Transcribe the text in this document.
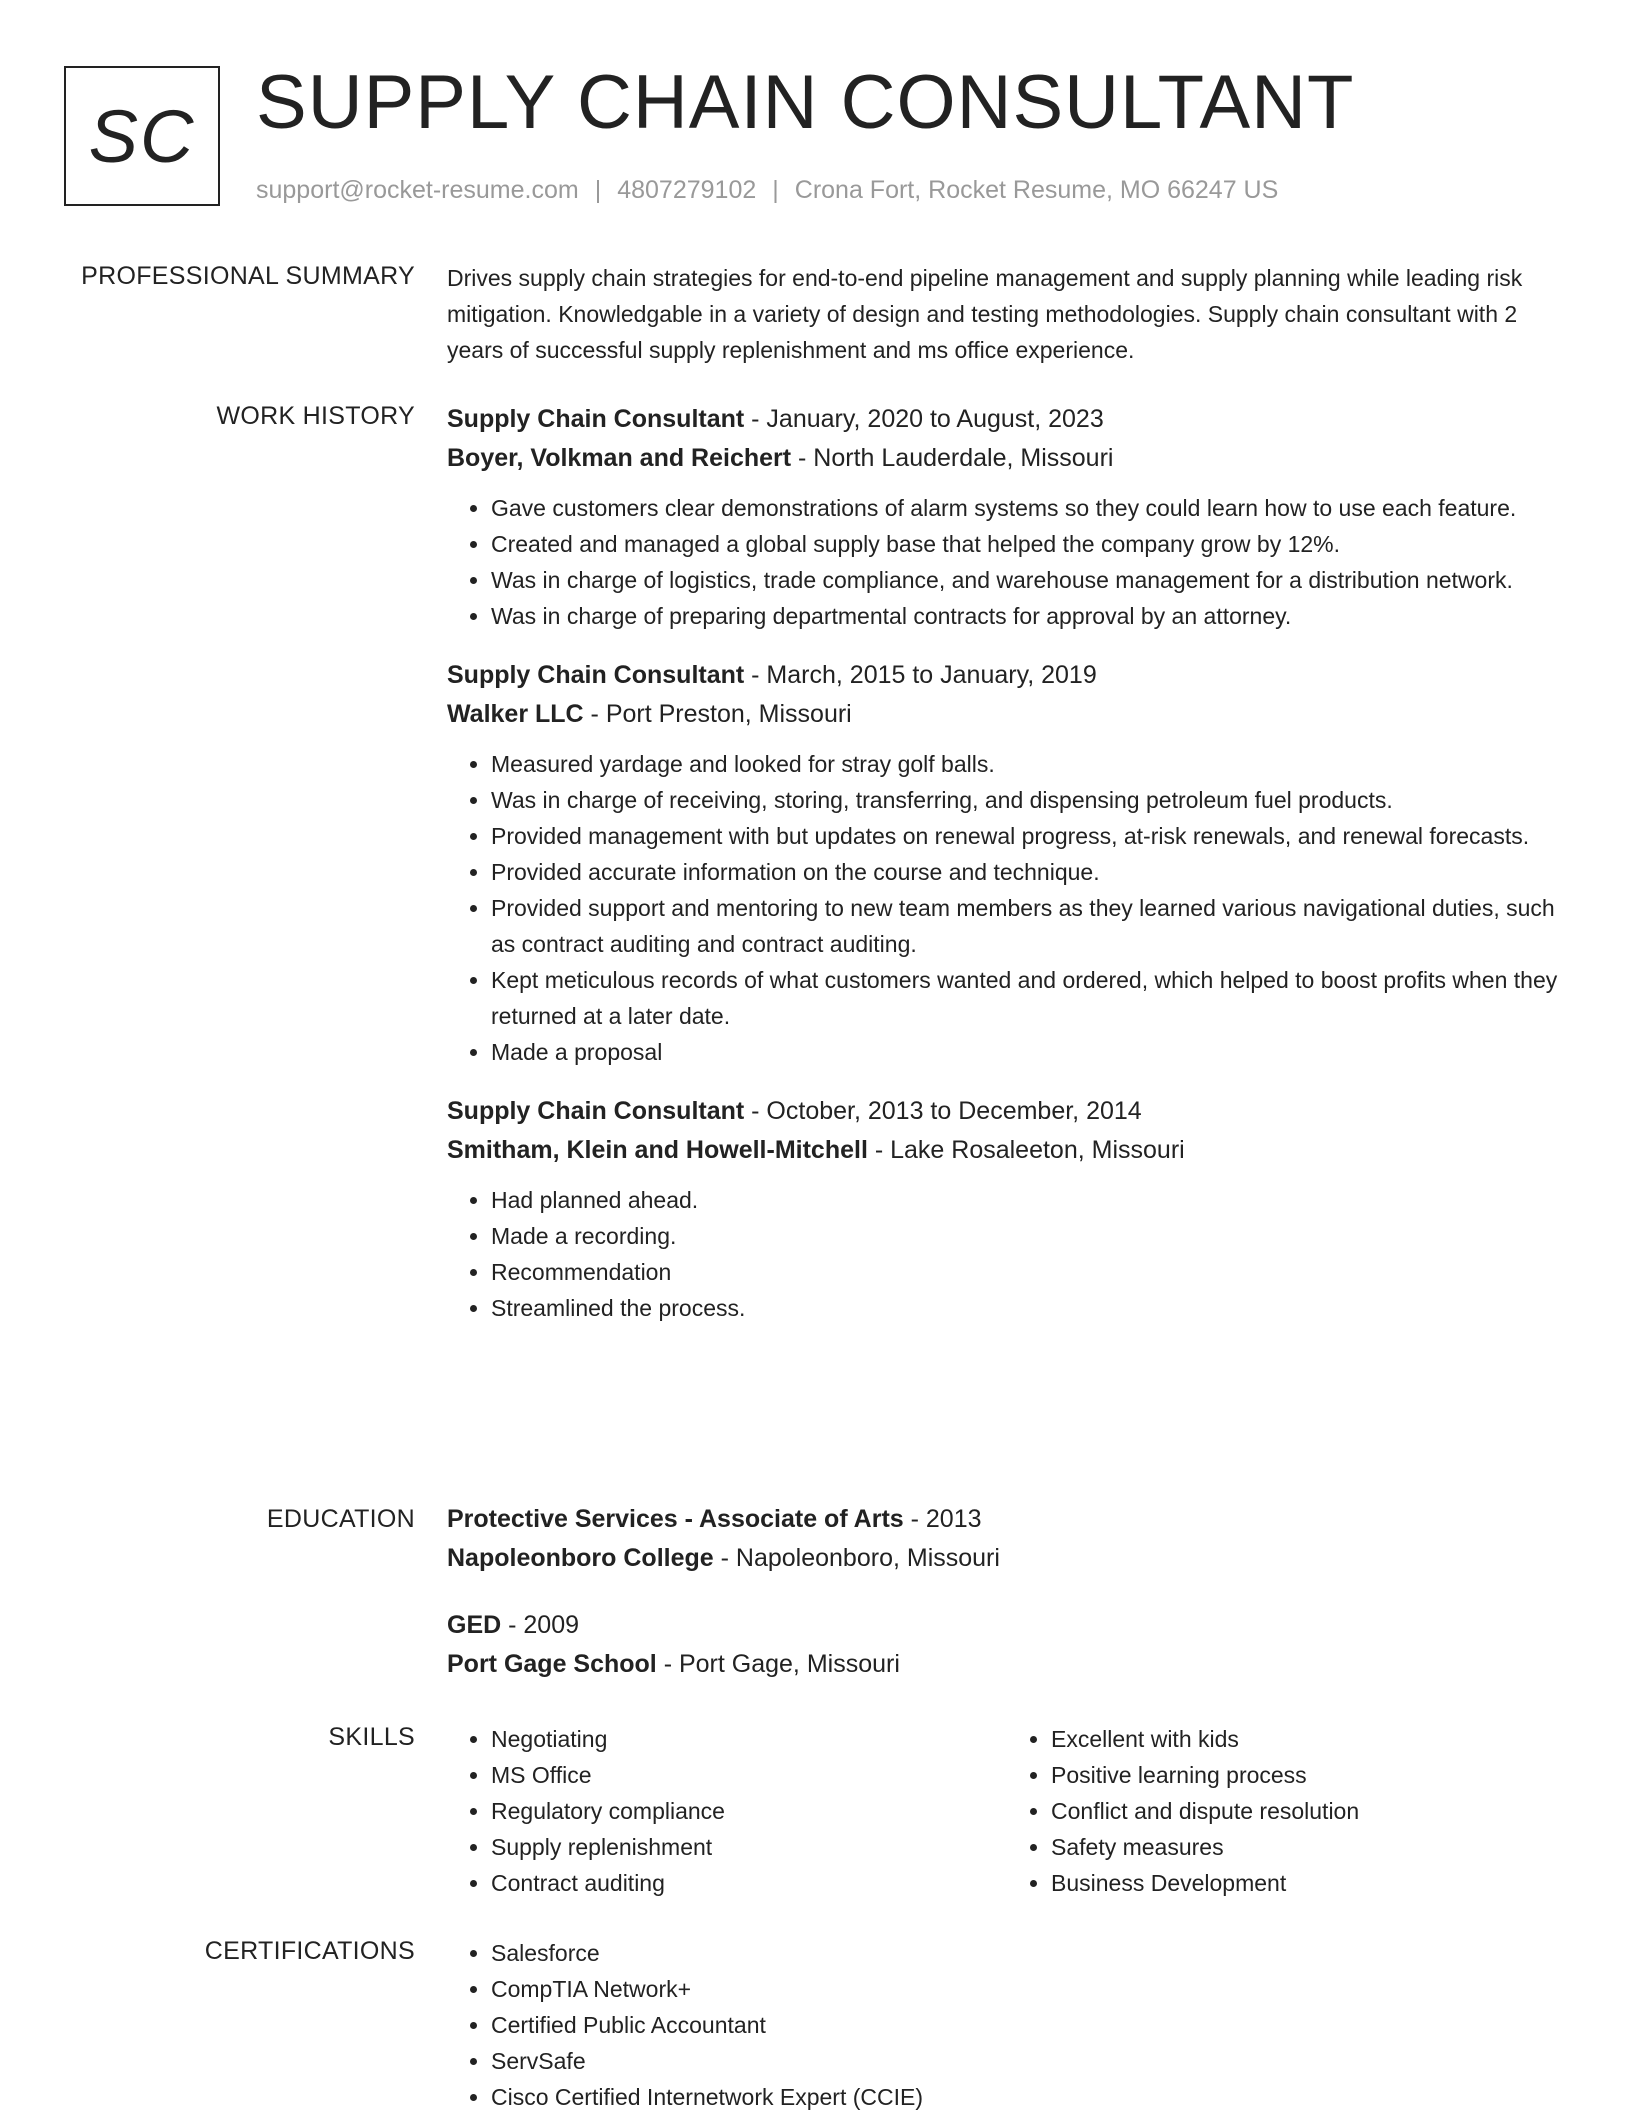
SC SUPPLY CHAIN CONSULTANT
support@rocket-resume.com | 4807279102 | Crona Fort, Rocket Resume, MO 66247 US
PROFESSIONAL SUMMARY Drives supply chain strategies for end-to-end pipeline management and supply planning while leading risk mitigation. Knowledgable in a variety of design and testing methodologies. Supply chain consultant with 2 years of successful supply replenishment and ms office experience.

WORK HISTORY Supply Chain Consultant - January, 2020 to August, 2023
Boyer, Volkman and Reichert - North Lauderdale, Missouri
• Gave customers clear demonstrations of alarm systems so they could learn how to use each feature.
• Created and managed a global supply base that helped the company grow by 12%.
• Was in charge of logistics, trade compliance, and warehouse management for a distribution network.
• Was in charge of preparing departmental contracts for approval by an attorney.
Supply Chain Consultant - March, 2015 to January, 2019
Walker LLC - Port Preston, Missouri
• Measured yardage and looked for stray golf balls.
• Was in charge of receiving, storing, transferring, and dispensing petroleum fuel products.
• Provided management with but updates on renewal progress, at-risk renewals, and renewal forecasts.
• Provided accurate information on the course and technique.
• Provided support and mentoring to new team members as they learned various navigational duties, such as contract auditing and contract auditing.
• Kept meticulous records of what customers wanted and ordered, which helped to boost profits when they returned at a later date.
• Made a proposal
Supply Chain Consultant - October, 2013 to December, 2014
Smitham, Klein and Howell-Mitchell - Lake Rosaleeton, Missouri
• Had planned ahead.
• Made a recording.
• Recommendation
• Streamlined the process.
EDUCATION Protective Services - Associate of Arts - 2013
Napoleonboro College - Napoleonboro, Missouri
GED - 2009
Port Gage School - Port Gage, Missouri
SKILLS	• Negotiating
• MS Office
• Regulatory compliance
• Supply replenishment
• Contract auditing
• Excellent with kids
• Positive learning process
• Conflict and dispute resolution
• Safety measures
• Business Development
CERTIFICATIONS	• Salesforce
• CompTIA Network+
• Certified Public Accountant
• ServSafe
• Cisco Certified Internetwork Expert (CCIE)
